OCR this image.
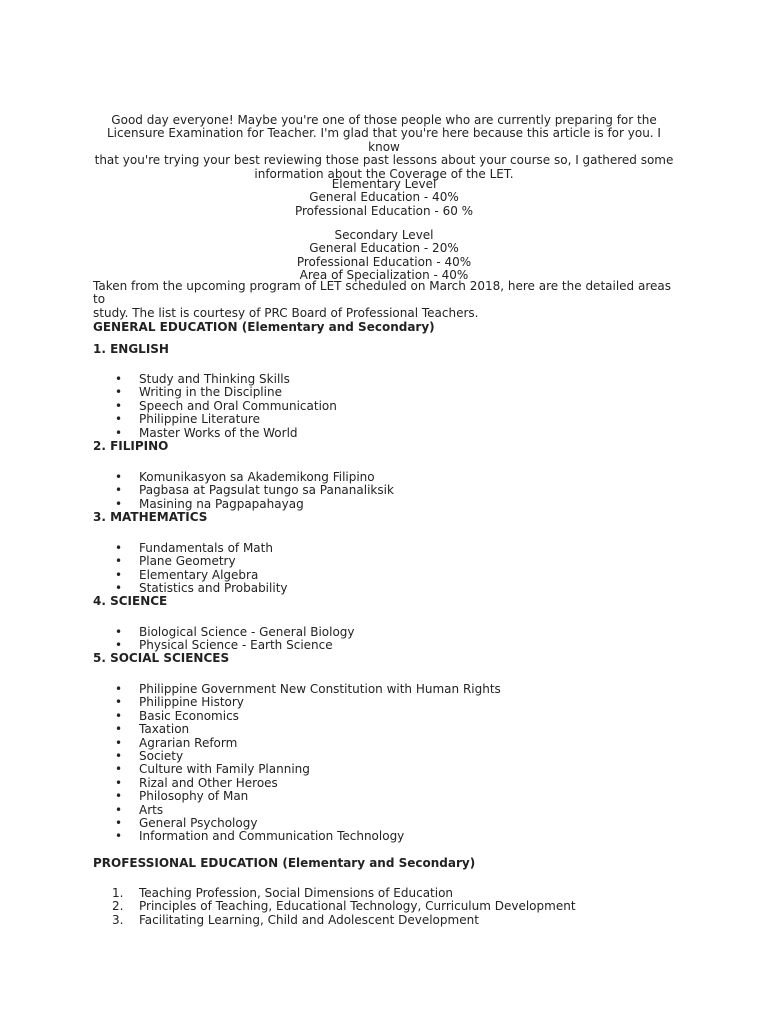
Good day everyone! Maybe you're one of those people who are currently preparing for the

Licensure Examination for Teacher. I'm glad that you're here because this article is for you. I know

that you're trying your best reviewing those past lessons about your course so, I gathered some

information about the Coverage of the LET.

Elementary Level
General Education - 40%
Professional Education - 60 %
Secondary Level
General Education - 20%
Professional Education - 40%
Area of Specialization - 40%
Taken from the upcoming program of LET scheduled on March 2018, here are the detailed areas to
study. The list is courtesy of PRC Board of Professional Teachers.
GENERAL EDUCATION (Elementary and Secondary)
1. ENGLISH
• Study and Thinking Skills
• Writing in the Discipline
• Speech and Oral Communication
• Philippine Literature
• Master Works of the World
2. FILIPINO
• Komunikasyon sa Akademikong Filipino
• Pagbasa at Pagsulat tungo sa Pananaliksik
• Masining na Pagpapahayag
3. MATHEMATICS
• Fundamentals of Math
• Plane Geometry
• Elementary Algebra
• Statistics and Probability
4. SCIENCE
• Biological Science - General Biology
• Physical Science - Earth Science
5. SOCIAL SCIENCES
• Philippine Government New Constitution with Human Rights
• Philippine History
• Basic Economics
• Taxation
• Agrarian Reform
• Society
• Culture with Family Planning
• Rizal and Other Heroes
• Philosophy of Man
• Arts
• General Psychology
• Information and Communication Technology
PROFESSIONAL EDUCATION (Elementary and Secondary)
1. Teaching Profession, Social Dimensions of Education
2. Principles of Teaching, Educational Technology, Curriculum Development
3. Facilitating Learning, Child and Adolescent Development
